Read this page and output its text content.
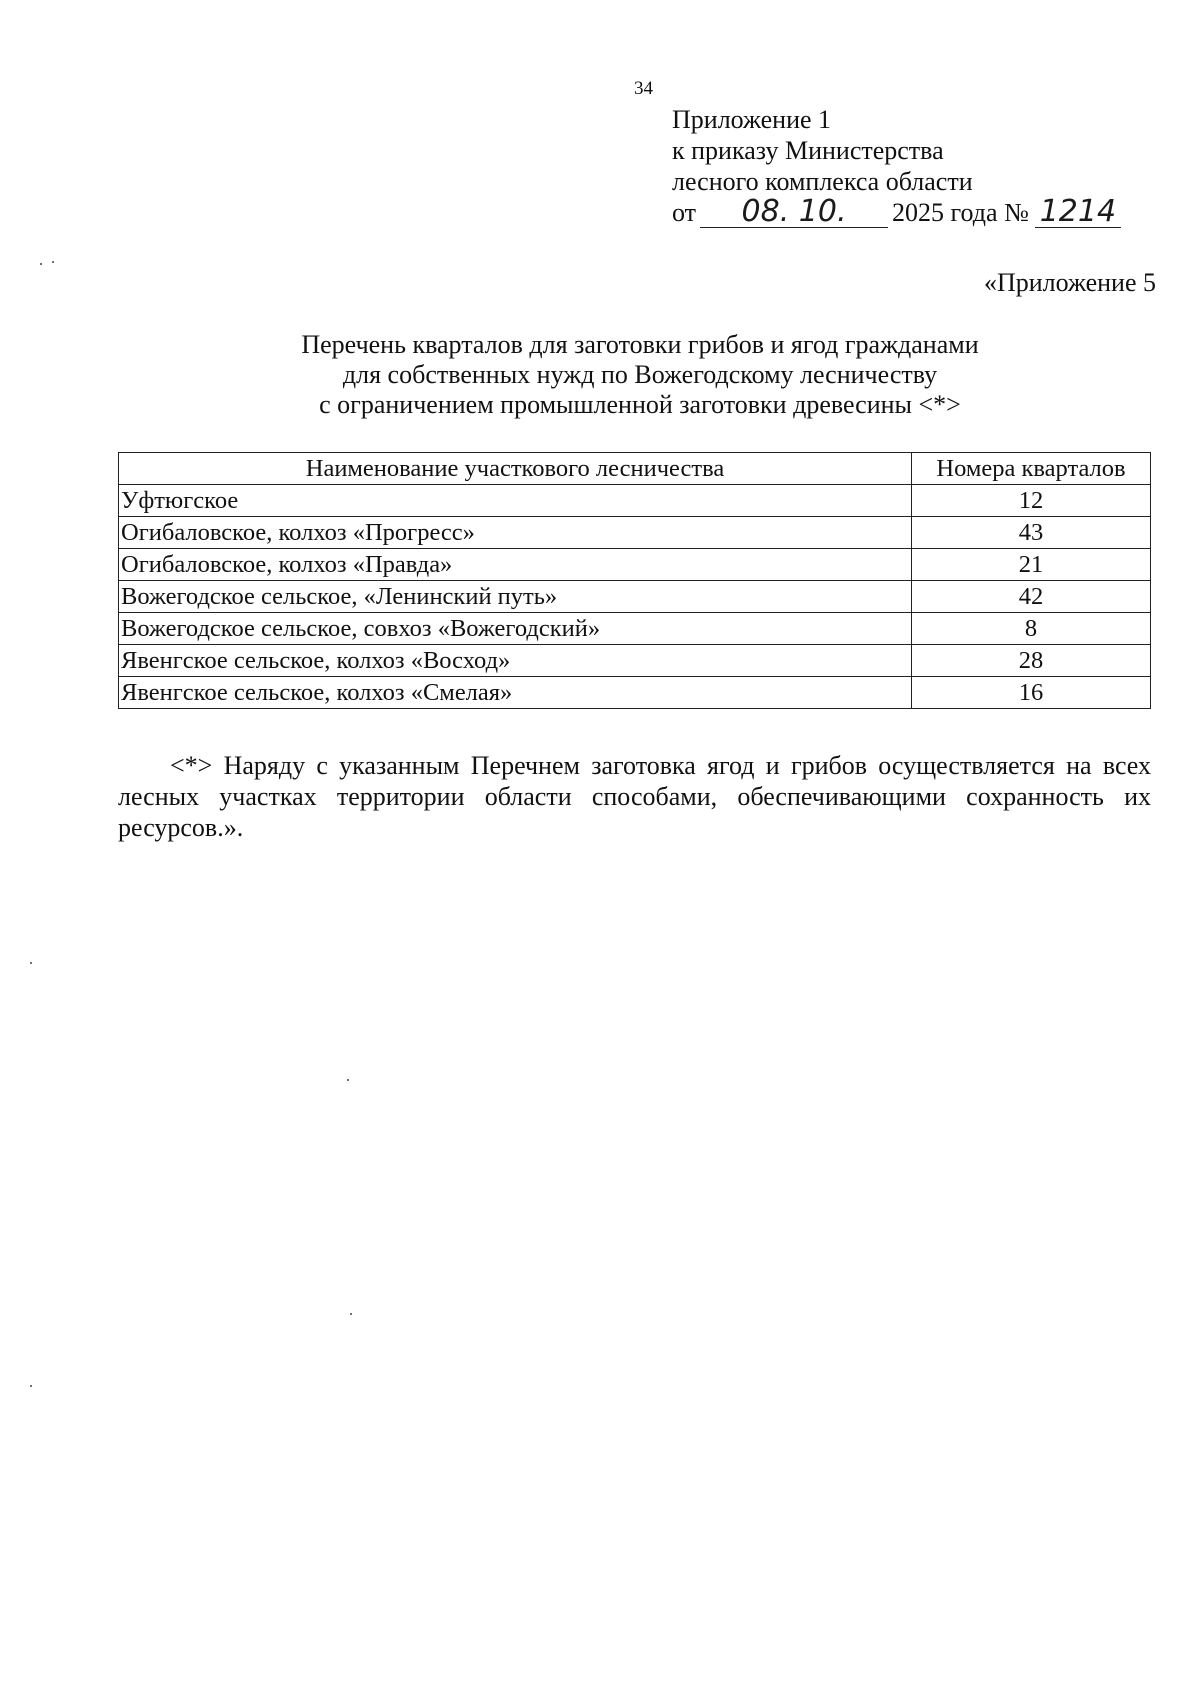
34
Приложение 1
к приказу Министерства
лесного комплекса области
от 08. 10. 2025 года № 1214
«Приложение 5
Перечень кварталов для заготовки грибов и ягод гражданами
для собственных нужд по Вожегодскому лесничеству
с ограничением промышленной заготовки древесины <*>
Наименование участкового лесничества	Номера кварталов
Уфтюгское	12
Огибаловское, колхоз «Прогресс»	43
Огибаловское, колхоз «Правда»	21
Вожегодское сельское, «Ленинский путь»	42
Вожегодское сельское, совхоз «Вожегодский»	8
Явенгское сельское, колхоз «Восход»	28
Явенгское сельское, колхоз «Смелая»	16
<*> Наряду с указанным Перечнем заготовка ягод и грибов осуществляется на всех лесных участках территории области способами, обеспечивающими сохранность их ресурсов.».
